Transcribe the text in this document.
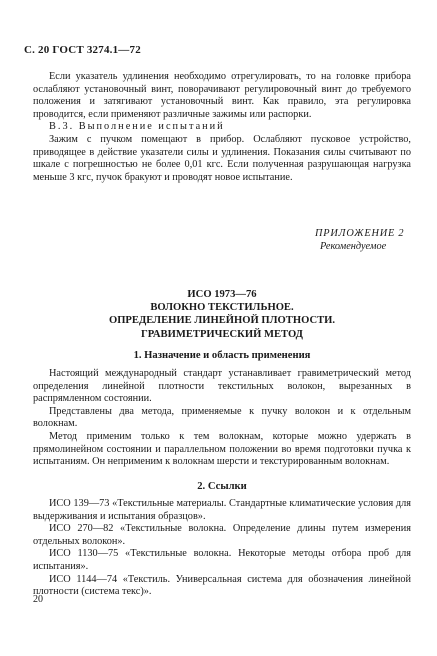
С. 20 ГОСТ 3274.1—72

Если указатель удлинения необходимо отрегулировать, то на головке прибора ослабляют установочный винт, поворачивают регулировочный винт до требуемого положения и затягивают установочный винт. Как правило, эта регулировка проводится, если применяют различные зажимы или распорки.

В.3. Выполнение испытаний

Зажим с пучком помещают в прибор. Ослабляют пусковое устройство, приводящее в действие указатели силы и удлинения. Показания силы считывают по шкале с погрешностью не более 0,01 кгс. Если полученная разрушающая нагрузка меньше 3 кгс, пучок бракуют и проводят новое испытание.

ПРИЛОЖЕНИЕ 2
Рекомендуемое
ИСО 1973—76
ВОЛОКНО ТЕКСТИЛЬНОЕ.
ОПРЕДЕЛЕНИЕ ЛИНЕЙНОЙ ПЛОТНОСТИ.
ГРАВИМЕТРИЧЕСКИЙ МЕТОД
1. Назначение и область применения

Настоящий международный стандарт устанавливает гравиметрический метод определения линейной плотности текстильных волокон, вырезанных в распрямленном состоянии.

Представлены два метода, применяемые к пучку волокон и к отдельным волокнам.

Метод применим только к тем волокнам, которые можно удержать в прямолинейном состоянии и параллельном положении во время подготовки пучка к испытаниям. Он неприменим к волокнам шерсти и текстурированным волокнам.

2. Ссылки

ИСО 139—73 «Текстильные материалы. Стандартные климатические условия для выдерживания и испытания образцов».

ИСО 270—82 «Текстильные волокна. Определение длины путем измерения отдельных волокон».

ИСО 1130—75 «Текстильные волокна. Некоторые методы отбора проб для испытания».

ИСО 1144—74 «Текстиль. Универсальная система для обозначения линейной плотности (система текс)».

20
